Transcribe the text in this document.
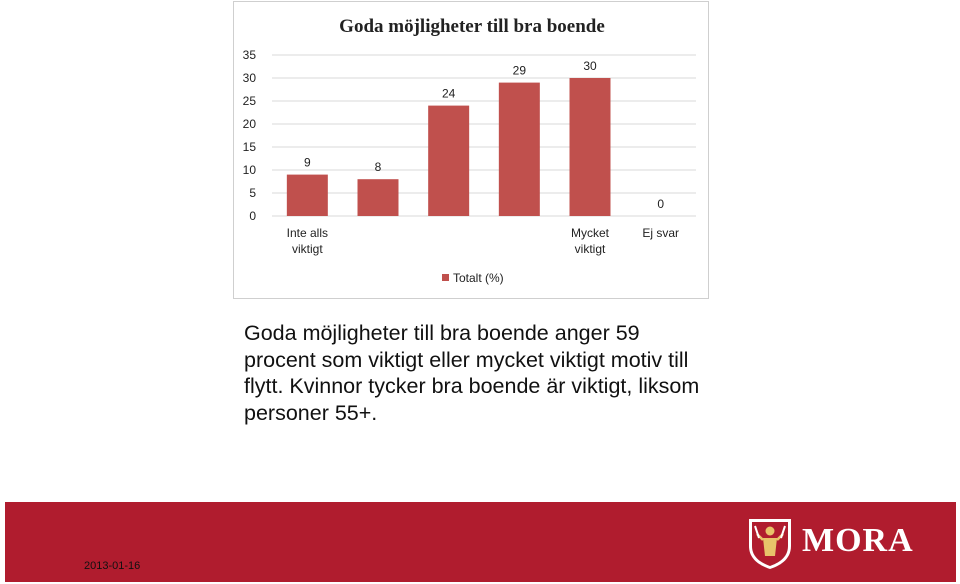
Goda möjligheter till bra boende
0
5
10
15
20
25
30
35
9	8
24
29	30
0
Inte alls viktigt
Mycket viktigt
Ej svar
Totalt (%)
Goda möjligheter till bra boende anger 59 procent som viktigt eller mycket viktigt motiv till flytt. Kvinnor tycker bra boende är viktigt, liksom personer 55+.
2013-01-16
MORA
